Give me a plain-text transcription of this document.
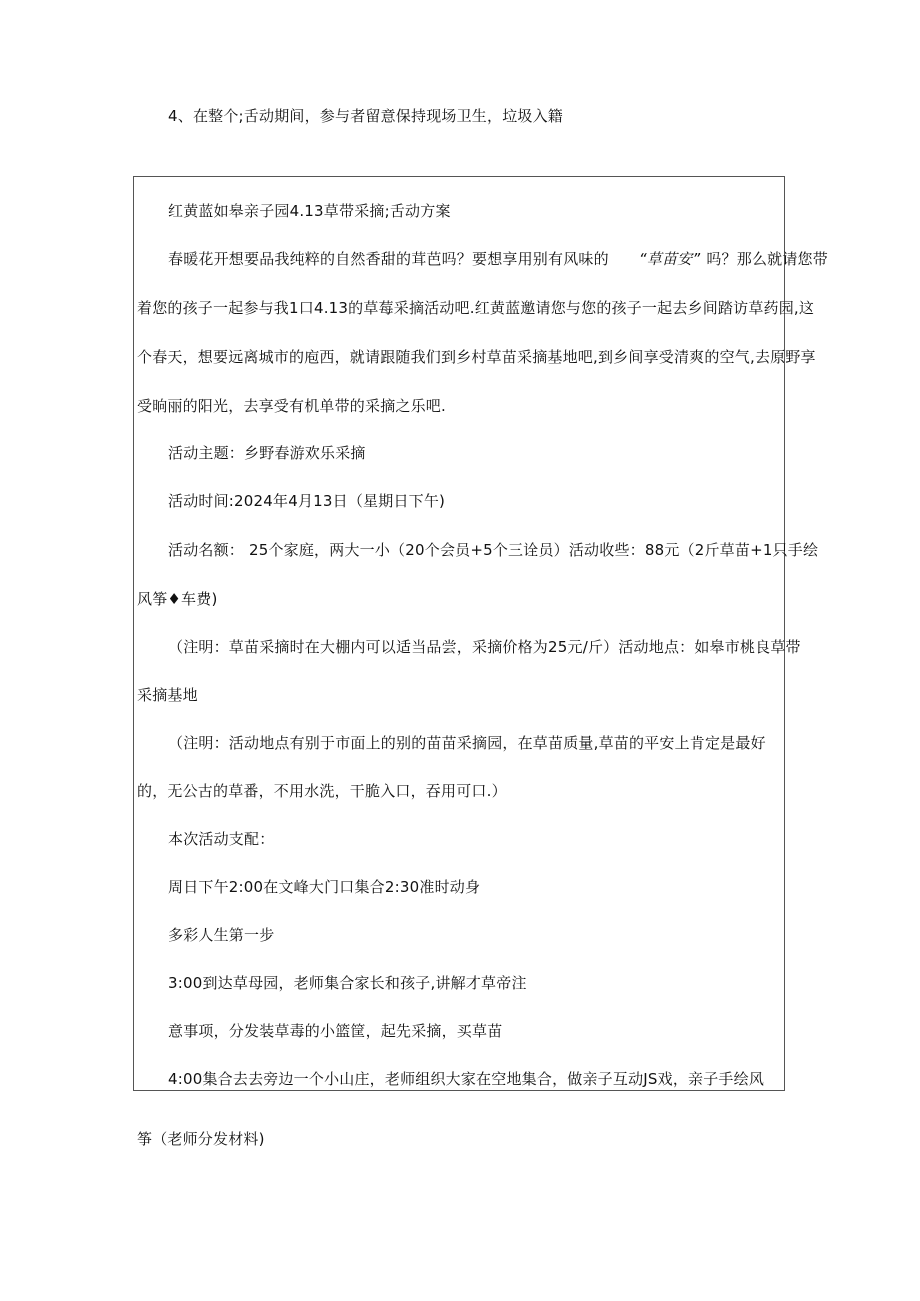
4、在整个;舌动期间，参与者留意保持现场卫生，垃圾入籍
红黄蓝如皋亲子园4.13草带采摘;舌动方案
春暖花开想要品我纯粹的自然香甜的茸芭吗？要想享用别有风味的 “草苗安” 吗？那么就请您带
着您的孩子一起参与我1口4.13的草莓采摘活动吧.红黄蓝邀请您与您的孩子一起去乡间踏访草药园,这
个春天，想要远离城市的庖西，就请跟随我们到乡村草苗采摘基地吧,到乡间享受清爽的空气,去原野享
受晌丽的阳光，去享受有机单带的采摘之乐吧.
活动主题：乡野春游欢乐采摘
活动时间:2024年4月13日（星期日下午)
活动名额： 25个家庭，两大一小（20个会员+5个三诠员）活动收些：88元（2斤草苗+1只手绘
风筝♦车费)
（注明：草苗采摘时在大棚内可以适当品尝，采摘价格为25元/斤）活动地点：如皋市桃良草带
采摘基地
（注明：活动地点有别于市面上的别的苗苗采摘园，在草苗质量,草苗的平安上肯定是最好
的，无公古的草番，不用水洗，干脆入口，吞用可口.）
本次活动支配：
周日下午2:00在文峰大门口集合2:30准时动身
多彩人生第一步
3:00到达草母园，老师集合家长和孩子,讲解才草帝注
意事项，分发装草毒的小篮筐，起先采摘，买草苗
4:00集合去去旁边一个小山庄，老师组织大家在空地集合，做亲子互动JS戏，亲子手绘风
筝（老师分发材料)
